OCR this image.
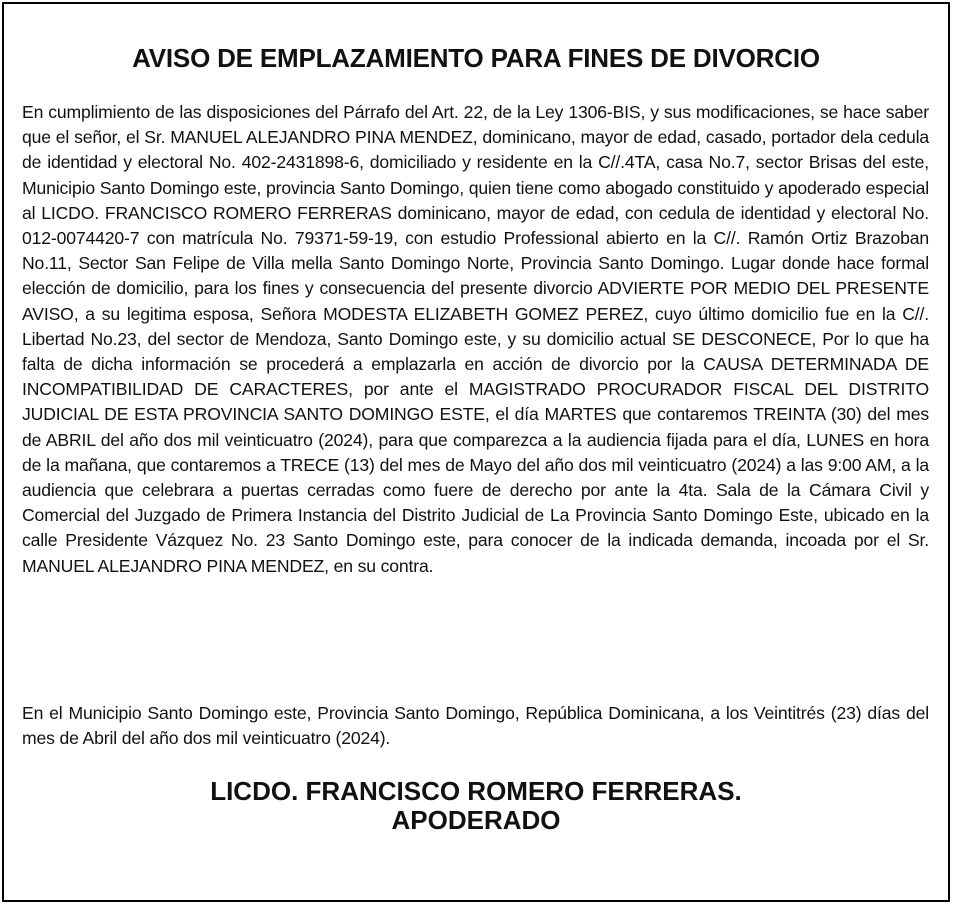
AVISO DE EMPLAZAMIENTO PARA FINES DE DIVORCIO

En cumplimiento de las disposiciones del Párrafo del Art. 22, de la Ley 1306-BIS, y sus modificaciones, se hace saber que el señor, el Sr. MANUEL ALEJANDRO PINA MENDEZ, dominicano, mayor de edad, casado, portador dela cedula de identidad y electoral No. 402-2431898-6, domiciliado y residente en la C//.4TA, casa No.7, sector Brisas del este, Municipio Santo Domingo este, provincia Santo Domingo, quien tiene como abogado constituido y apoderado especial al LICDO. FRANCISCO ROMERO FERRERAS dominicano, mayor de edad, con cedula de identidad y electoral No. 012-0074420-7 con matrícula No. 79371-59-19, con estudio Professional abierto en la C//. Ramón Ortiz Brazoban No.11, Sector San Felipe de Villa mella Santo Domingo Norte, Provincia Santo Domingo. Lugar donde hace formal elección de domicilio, para los fines y consecuencia del presente divorcio ADVIERTE POR MEDIO DEL PRESENTE AVISO, a su legitima esposa, Señora MODESTA ELIZABETH GOMEZ PEREZ, cuyo último domicilio fue en la C//. Libertad No.23, del sector de Mendoza, Santo Domingo este, y su domicilio actual SE DESCONECE, Por lo que ha falta de dicha información se procederá a emplazarla en acción de divorcio por la CAUSA DETERMINADA DE INCOMPATIBILIDAD DE CARACTERES, por ante el MAGISTRADO PROCURADOR FISCAL DEL DISTRITO JUDICIAL DE ESTA PROVINCIA SANTO DOMINGO ESTE, el día MARTES que contaremos TREINTA (30) del mes de ABRIL del año dos mil veinticuatro (2024), para que comparezca a la audiencia fijada para el día, LUNES en hora de la mañana, que contaremos a TRECE (13) del mes de Mayo del año dos mil veinticuatro (2024) a las 9:00 AM, a la audiencia que celebrara a puertas cerradas como fuere de derecho por ante la 4ta. Sala de la Cámara Civil y Comercial del Juzgado de Primera Instancia del Distrito Judicial de La Provincia Santo Domingo Este, ubicado en la calle Presidente Vázquez No. 23 Santo Domingo este, para conocer de la indicada demanda, incoada por el Sr. MANUEL ALEJANDRO PINA MENDEZ, en su contra.

En el Municipio Santo Domingo este, Provincia Santo Domingo, República Dominicana, a los Veintitrés (23) días del mes de Abril del año dos mil veinticuatro (2024).

LICDO. FRANCISCO ROMERO FERRERAS.
APODERADO
